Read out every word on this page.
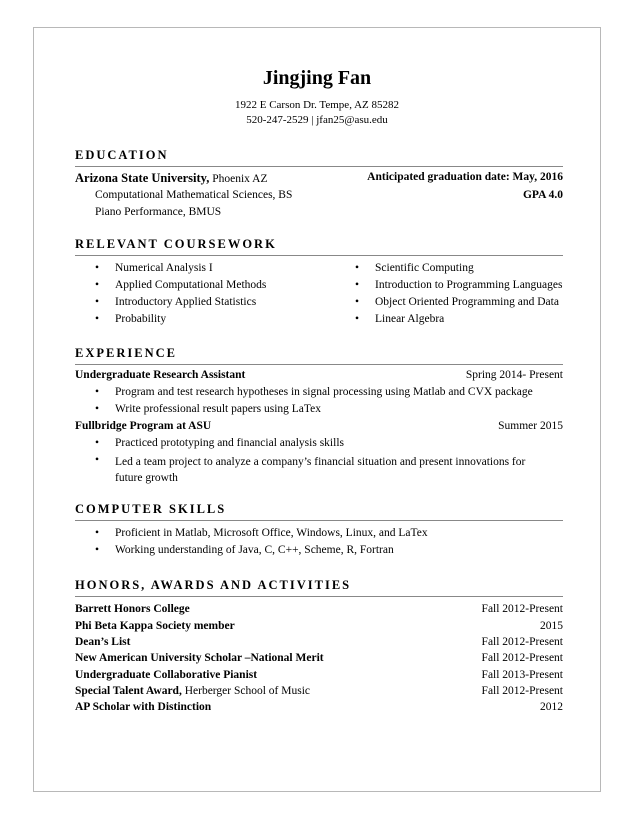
Jingjing Fan
1922 E Carson Dr. Tempe, AZ 85282
520-247-2529 | jfan25@asu.edu
EDUCATION
Arizona State University, Phoenix AZ	Anticipated graduation date: May, 2016
Computational Mathematical Sciences, BS	GPA 4.0
Piano Performance, BMUS
RELEVANT COURSEWORK
• Numerical Analysis I
• Applied Computational Methods
• Introductory Applied Statistics
• Probability
• Scientific Computing
• Introduction to Programming Languages
• Object Oriented Programming and Data
• Linear Algebra
EXPERIENCE
Undergraduate Research Assistant	Spring 2014- Present
• Program and test research hypotheses in signal processing using Matlab and CVX package
• Write professional result papers using LaTex
Fullbridge Program at ASU	Summer 2015
• Practiced prototyping and financial analysis skills
• Led a team project to analyze a company’s financial situation and present innovations for future growth
COMPUTER SKILLS
• Proficient in Matlab, Microsoft Office, Windows, Linux, and LaTex
• Working understanding of Java, C, C++, Scheme, R, Fortran
HONORS, AWARDS AND ACTIVITIES
Barrett Honors College	Fall 2012-Present
Phi Beta Kappa Society member	2015
Dean’s List	Fall 2012-Present
New American University Scholar –National Merit	Fall 2012-Present
Undergraduate Collaborative Pianist	Fall 2013-Present
Special Talent Award, Herberger School of Music	Fall 2012-Present
AP Scholar with Distinction	2012
